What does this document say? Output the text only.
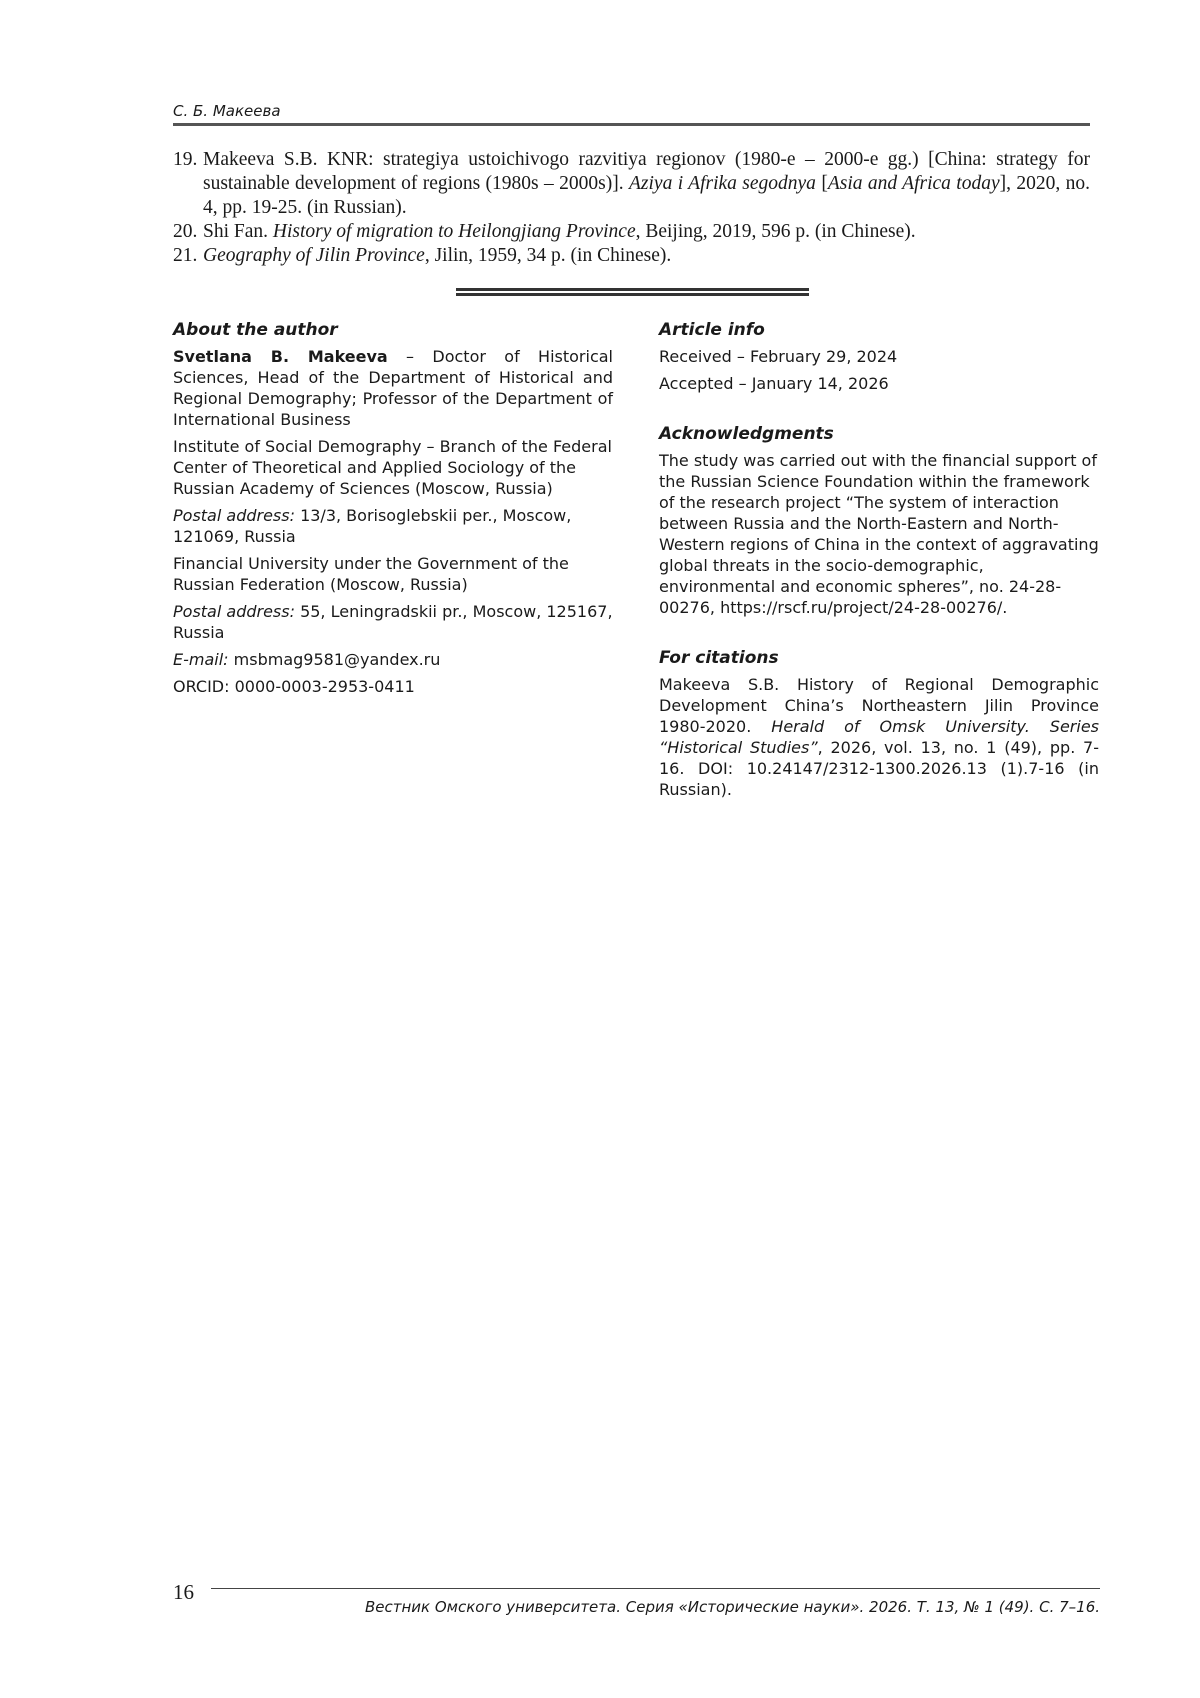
С. Б. Макеева
19. Makeeva S.B. KNR: strategiya ustoichivogo razvitiya regionov (1980-e – 2000-e gg.) [China: strategy for sustainable development of regions (1980s – 2000s)]. Aziya i Afrika segodnya [Asia and Africa today], 2020, no. 4, pp. 19-25. (in Russian).
20. Shi Fan. History of migration to Heilongjiang Province, Beijing, 2019, 596 p. (in Chinese).
21. Geography of Jilin Province, Jilin, 1959, 34 p. (in Chinese).

About the author

Svetlana B. Makeeva – Doctor of Historical Sciences, Head of the Department of Historical and Regional Demography; Professor of the Department of International Business

Institute of Social Demography – Branch of the Federal Center of Theoretical and Applied Sociology of the Russian Academy of Sciences (Moscow, Russia)

Postal address: 13/3, Borisoglebskii per., Moscow, 121069, Russia

Financial University under the Government of the Russian Federation (Moscow, Russia)

Postal address: 55, Leningradskii pr., Moscow, 125167, Russia

E-mail: msbmag9581@yandex.ru

ORCID: 0000-0003-2953-0411

Article info

Received – February 29, 2024

Accepted – January 14, 2026

Acknowledgments

The study was carried out with the financial support of the Russian Science Foundation within the framework of the research project “The system of interaction between Russia and the North-Eastern and North-Western regions of China in the context of aggravating global threats in the socio-demographic, environmental and economic spheres”, no. 24-28-00276, https://rscf.ru/project/24-28-00276/.

For citations

Makeeva S.B. History of Regional Demographic Development China’s Northeastern Jilin Province 1980-2020. Herald of Omsk University. Series “Historical Studies”, 2026, vol. 13, no. 1 (49), pp. 7-16. DOI: 10.24147/2312-1300.2026.13 (1).7-16 (in Russian).

16
Вестник Омского университета. Серия «Исторические науки». 2026. Т. 13, № 1 (49). С. 7–16.
